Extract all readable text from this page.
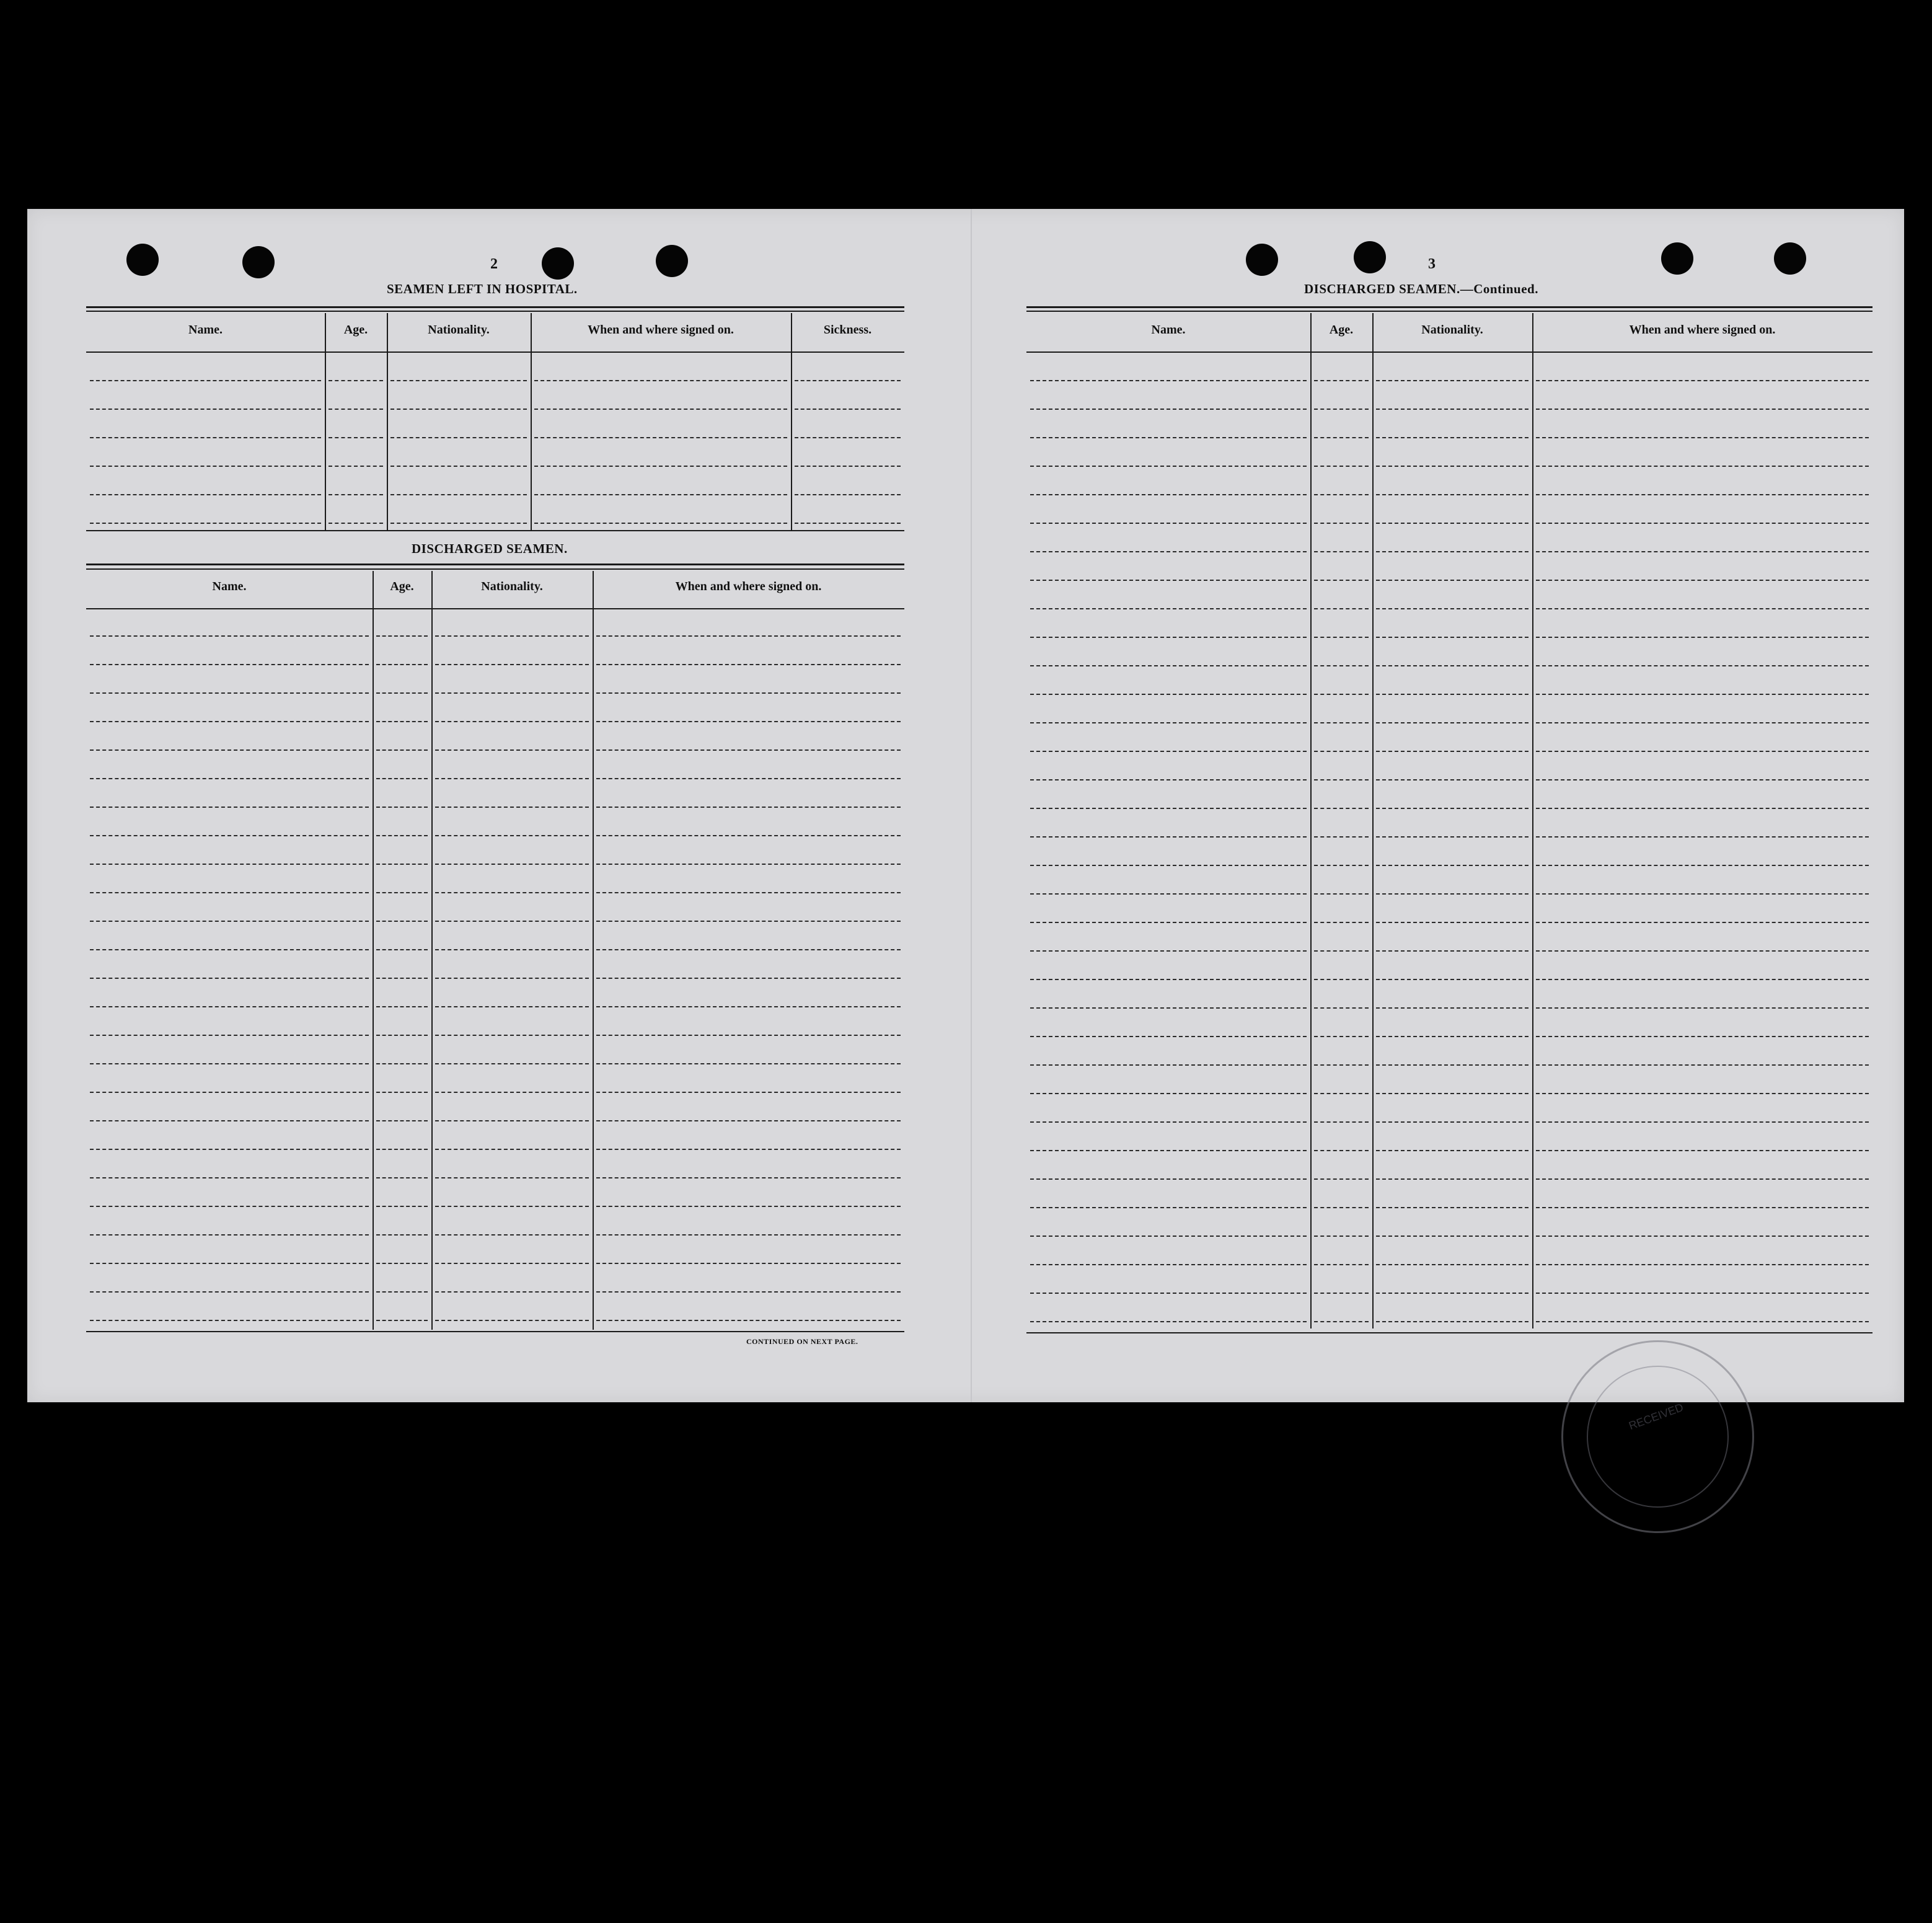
2
SEAMEN LEFT IN HOSPITAL.
DISCHARGED SEAMEN.
CONTINUED ON NEXT PAGE.
3
DISCHARGED SEAMEN.—Continued.
RECEIVED
Name.	Age.	Nationality.	When and where signed on.	Sickness.
Name.	Age.	Nationality.	When and where signed on.
Name.	Age.	Nationality.	When and where signed on.
